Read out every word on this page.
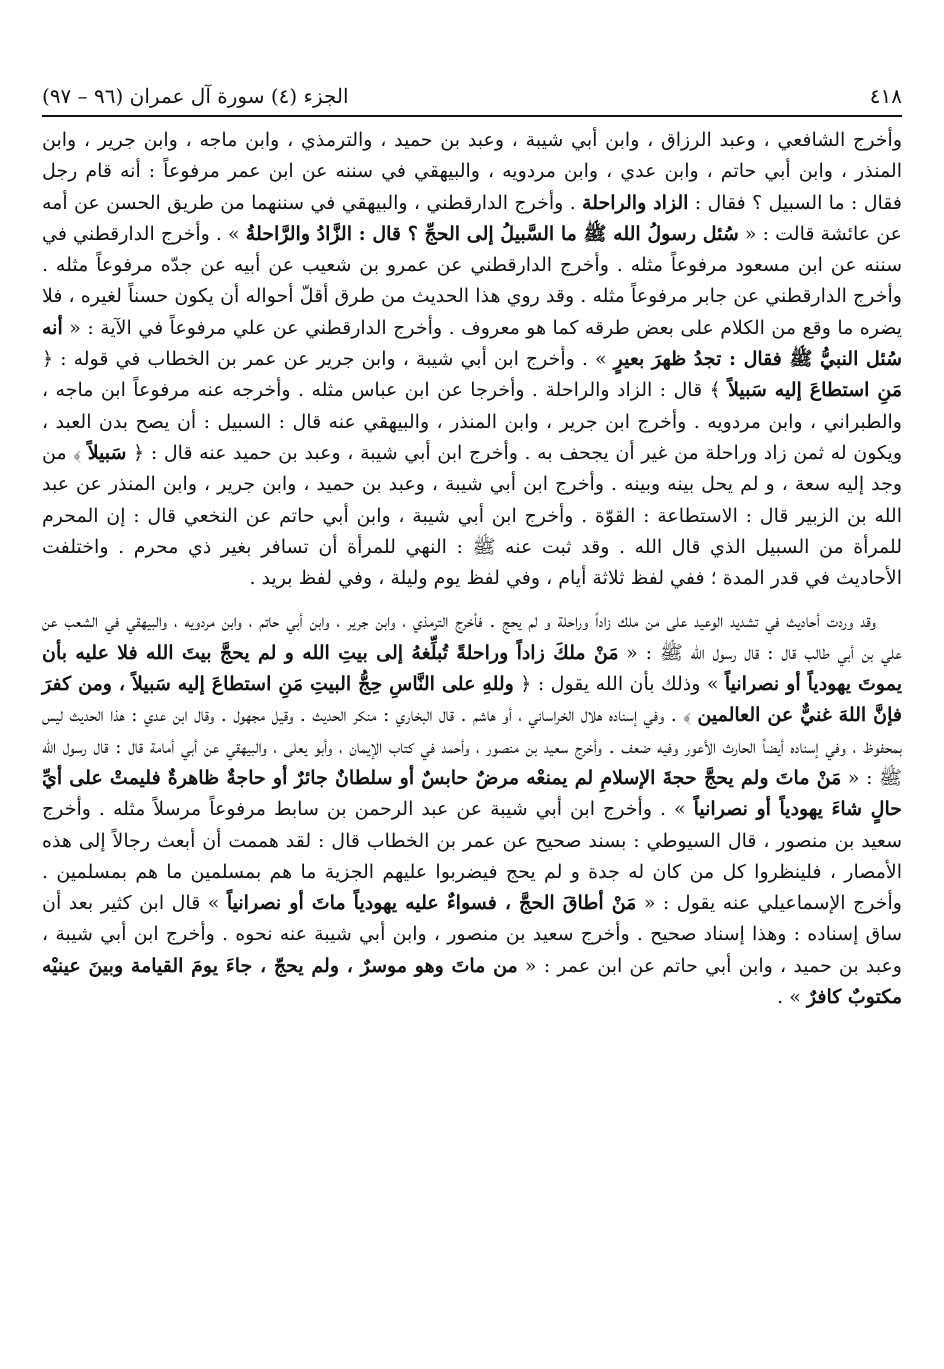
٤١٨
الجزء (٤) سورة آل عمران (٩٦ – ٩٧)

وأخرج الشافعي ، وعبد الرزاق ، وابن أبي شيبة ، وعبد بن حميد ، والترمذي ، وابن ماجه ، وابن جرير ، وابن المنذر ، وابن أبي حاتم ، وابن عدي ، وابن مردويه ، والبيهقي في سننه عن ابن عمر مرفوعاً : أنه قام رجل فقال : ما السبيل ؟ فقال : الزاد والراحلة . وأخرج الدارقطني ، والبيهقي في سننهما من طريق الحسن عن أمه عن عائشة قالت : « سُئل رسولُ الله ﷺ ما السَّبيلُ إلى الحجِّ ؟ قال : الزَّادُ والرَّاحلةُ » . وأخرج الدارقطني في سننه عن ابن مسعود مرفوعاً مثله . وأخرج الدارقطني عن عمرو بن شعيب عن أبيه عن جدّه مرفوعاً مثله . وأخرج الدارقطني عن جابر مرفوعاً مثله . وقد روي هذا الحديث من طرق أقلّ أحواله أن يكون حسناً لغيره ، فلا يضره ما وقع من الكلام على بعض طرقه كما هو معروف . وأخرج الدارقطني عن علي مرفوعاً في الآية : « أنه سُئل النبيُّ ﷺ فقال : تجدُ ظهرَ بعيرٍ » . وأخرج ابن أبي شيبة ، وابن جرير عن عمر بن الخطاب في قوله : ﴿ مَنِ استطاعَ إليه سَبيلاً ﴾ قال : الزاد والراحلة . وأخرجا عن ابن عباس مثله . وأخرجه عنه مرفوعاً ابن ماجه ، والطبراني ، وابن مردويه . وأخرج ابن جرير ، وابن المنذر ، والبيهقي عنه قال : السبيل : أن يصح بدن العبد ، ويكون له ثمن زاد وراحلة من غير أن يجحف به . وأخرج ابن أبي شيبة ، وعبد بن حميد عنه قال : ﴿ سَبيلاً ﴾ من وجد إليه سعة ، و لم يحل بينه وبينه . وأخرج ابن أبي شيبة ، وعبد بن حميد ، وابن جرير ، وابن المنذر عن عبد الله بن الزبير قال : الاستطاعة : القوّة . وأخرج ابن أبي شيبة ، وابن أبي حاتم عن النخعي قال : إن المحرم للمرأة من السبيل الذي قال الله . وقد ثبت عنه ﷺ : النهي للمرأة أن تسافر بغير ذي محرم . واختلفت الأحاديث في قدر المدة ؛ ففي لفظ ثلاثة أيام ، وفي لفظ يوم وليلة ، وفي لفظ بريد .

وقد وردت أحاديث في تشديد الوعيد على من ملك زاداً وراحلة و لم يحج . فأخرج الترمذي ، وابن جرير ، وابن أبي حاتم ، وابن مردويه ، والبيهقي في الشعب عن علي بن أبي طالب قال : قال رسول الله ﷺ : « مَنْ ملكَ زاداً وراحلةً تُبلِّغهُ إلى بيتِ الله و لم يحجَّ بيتَ الله فلا عليه بأن يموتَ يهودياً أو نصرانياً » وذلك بأن الله يقول : ﴿ وللهِ على النَّاسِ حِجُّ البيتِ مَنِ استطاعَ إليه سَبيلاً ، ومن كفرَ فإنَّ اللهَ غنيٌّ عن العالمين ﴾ . وفي إسناده هلال الخراساني ، أو هاشم . قال البخاري : منكر الحديث . وقيل مجهول . وقال ابن عدي : هذا الحديث ليس بمحفوظ ، وفي إسناده أيضاً الحارث الأعور وفيه ضعف . وأخرج سعيد بن منصور ، وأحمد في كتاب الإيمان ، وأبو يعلى ، والبيهقي عن أبي أمامة قال : قال رسول الله ﷺ : « مَنْ ماتَ ولم يحجَّ حجةَ الإسلامِ لم يمنعْه مرضٌ حابسٌ أو سلطانٌ جائرٌ أو حاجةٌ ظاهرةٌ فليمتْ على أيِّ حالٍ شاءَ يهودياً أو نصرانياً » . وأخرج ابن أبي شيبة عن عبد الرحمن بن سابط مرفوعاً مرسلاً مثله . وأخرج سعيد بن منصور ، قال السيوطي : بسند صحيح عن عمر بن الخطاب قال : لقد هممت أن أبعث رجالاً إلى هذه الأمصار ، فلينظروا كل من كان له جدة و لم يحج فيضربوا عليهم الجزية ما هم بمسلمين ما هم بمسلمين . وأخرج الإسماعيلي عنه يقول : « مَنْ أطاقَ الحجَّ ، فسواءٌ عليه يهودياً ماتَ أو نصرانياً » قال ابن كثير بعد أن ساق إسناده : وهذا إسناد صحيح . وأخرج سعيد بن منصور ، وابن أبي شيبة عنه نحوه . وأخرج ابن أبي شيبة ، وعبد بن حميد ، وابن أبي حاتم عن ابن عمر : « من ماتَ وهو موسرٌ ، ولم يحجّ ، جاءَ يومَ القيامة وبينَ عينيْه مكتوبٌ كافرٌ » .
